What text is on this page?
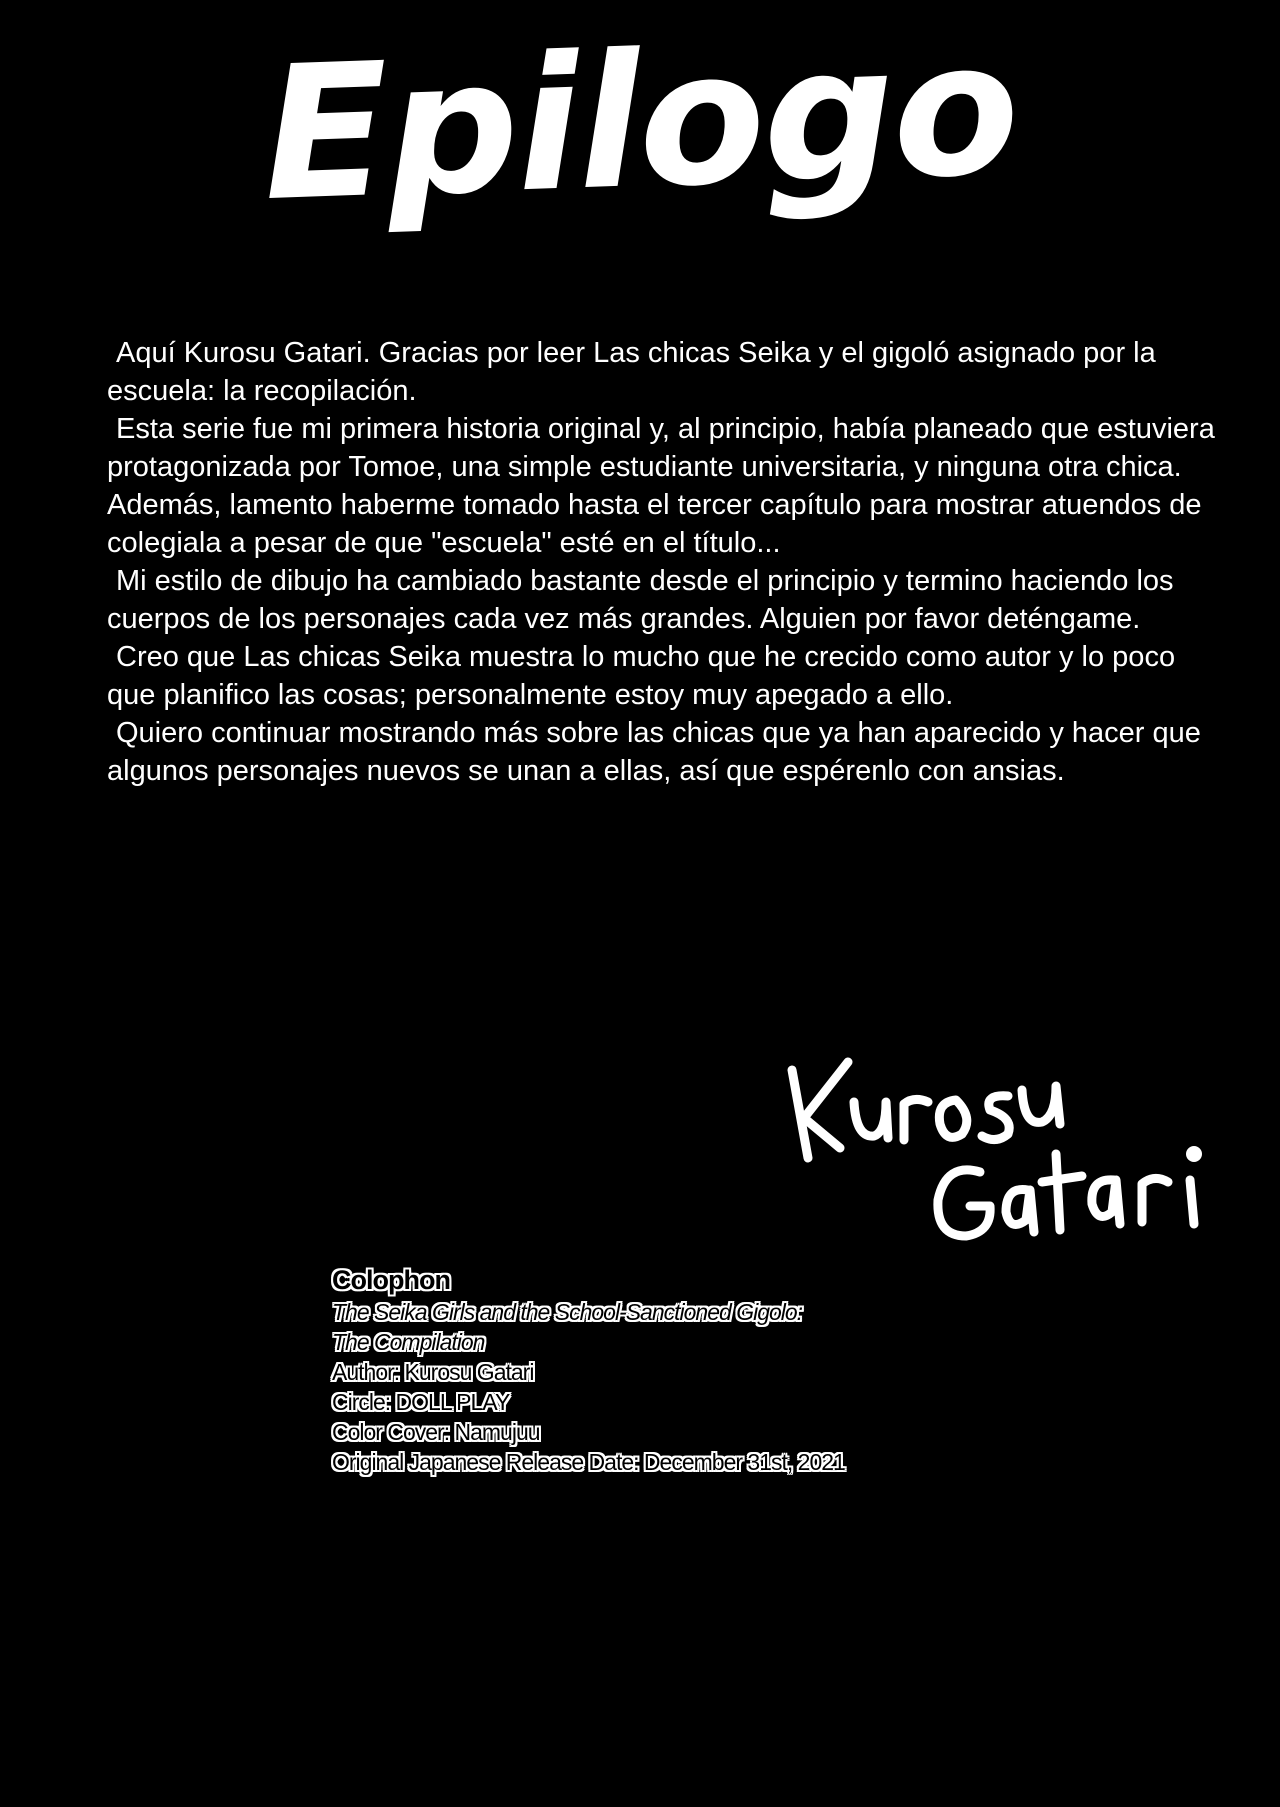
Epilogo

Aquí Kurosu Gatari. Gracias por leer Las chicas Seika y el gigoló asignado por la escuela: la recopilación.

Esta serie fue mi primera historia original y, al principio, había planeado que estuviera protagonizada por Tomoe, una simple estudiante universitaria, y ninguna otra chica. Además, lamento haberme tomado hasta el tercer capítulo para mostrar atuendos de colegiala a pesar de que "escuela" esté en el título...

Mi estilo de dibujo ha cambiado bastante desde el principio y termino haciendo los cuerpos de los personajes cada vez más grandes. Alguien por favor deténgame.

Creo que Las chicas Seika muestra lo mucho que he crecido como autor y lo poco que planifico las cosas; personalmente estoy muy apegado a ello.

Quiero continuar mostrando más sobre las chicas que ya han aparecido y hacer que algunos personajes nuevos se unan a ellas, así que espérenlo con ansias.

Colophon
The Seika Girls and the School-Sanctioned Gigolo:
The Compilation
Author: Kurosu Gatari
Circle: DOLL PLAY
Color Cover: Namujuu
Original Japanese Release Date: December 31st, 2021
